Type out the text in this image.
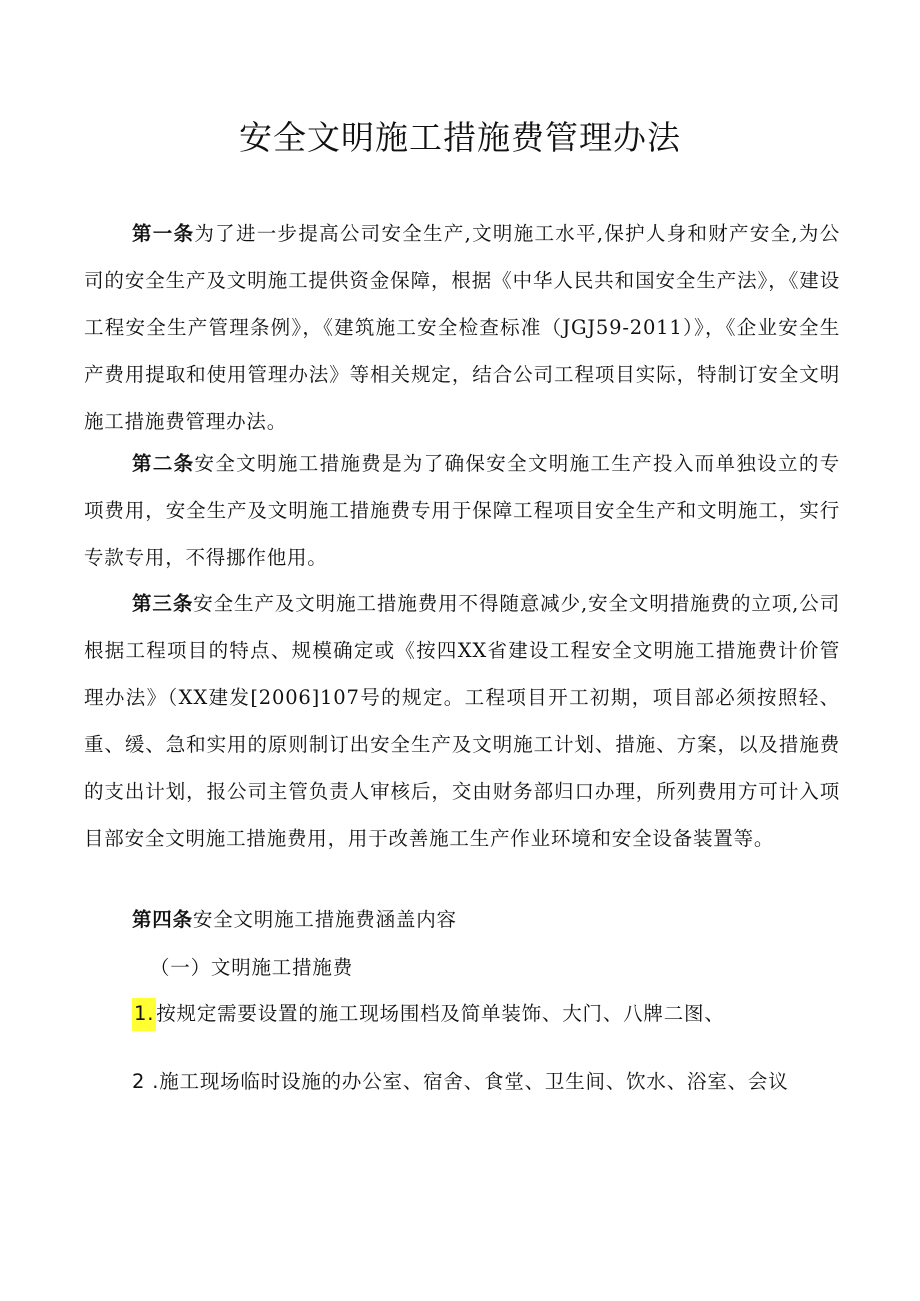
安全文明施工措施费管理办法

第一条为了进一步提高公司安全生产,文明施工水平,保护人身和财产安全,为公司的安全生产及文明施工提供资金保障，根据《中华人民共和国安全生产法》，《建设工程安全生产管理条例》，《建筑施工安全检查标准（JGJ59-2011）》，《企业安全生产费用提取和使用管理办法》等相关规定，结合公司工程项目实际，特制订安全文明施工措施费管理办法。

第二条安全文明施工措施费是为了确保安全文明施工生产投入而单独设立的专项费用，安全生产及文明施工措施费专用于保障工程项目安全生产和文明施工，实行专款专用，不得挪作他用。

第三条安全生产及文明施工措施费用不得随意减少,安全文明措施费的立项,公司根据工程项目的特点、规模确定或《按四XX省建设工程安全文明施工措施费计价管理办法》（XX建发[2006]107号的规定。工程项目开工初期，项目部必须按照轻、重、缓、急和实用的原则制订出安全生产及文明施工计划、措施、方案，以及措施费的支出计划，报公司主管负责人审核后，交由财务部归口办理，所列费用方可计入项目部安全文明施工措施费用，用于改善施工生产作业环境和安全设备装置等。

第四条安全文明施工措施费涵盖内容

（一）文明施工措施费

1. 按规定需要设置的施工现场围档及简单装饰、大门、八牌二图、

2 .施工现场临时设施的办公室、宿舍、食堂、卫生间、饮水、浴室、会议
